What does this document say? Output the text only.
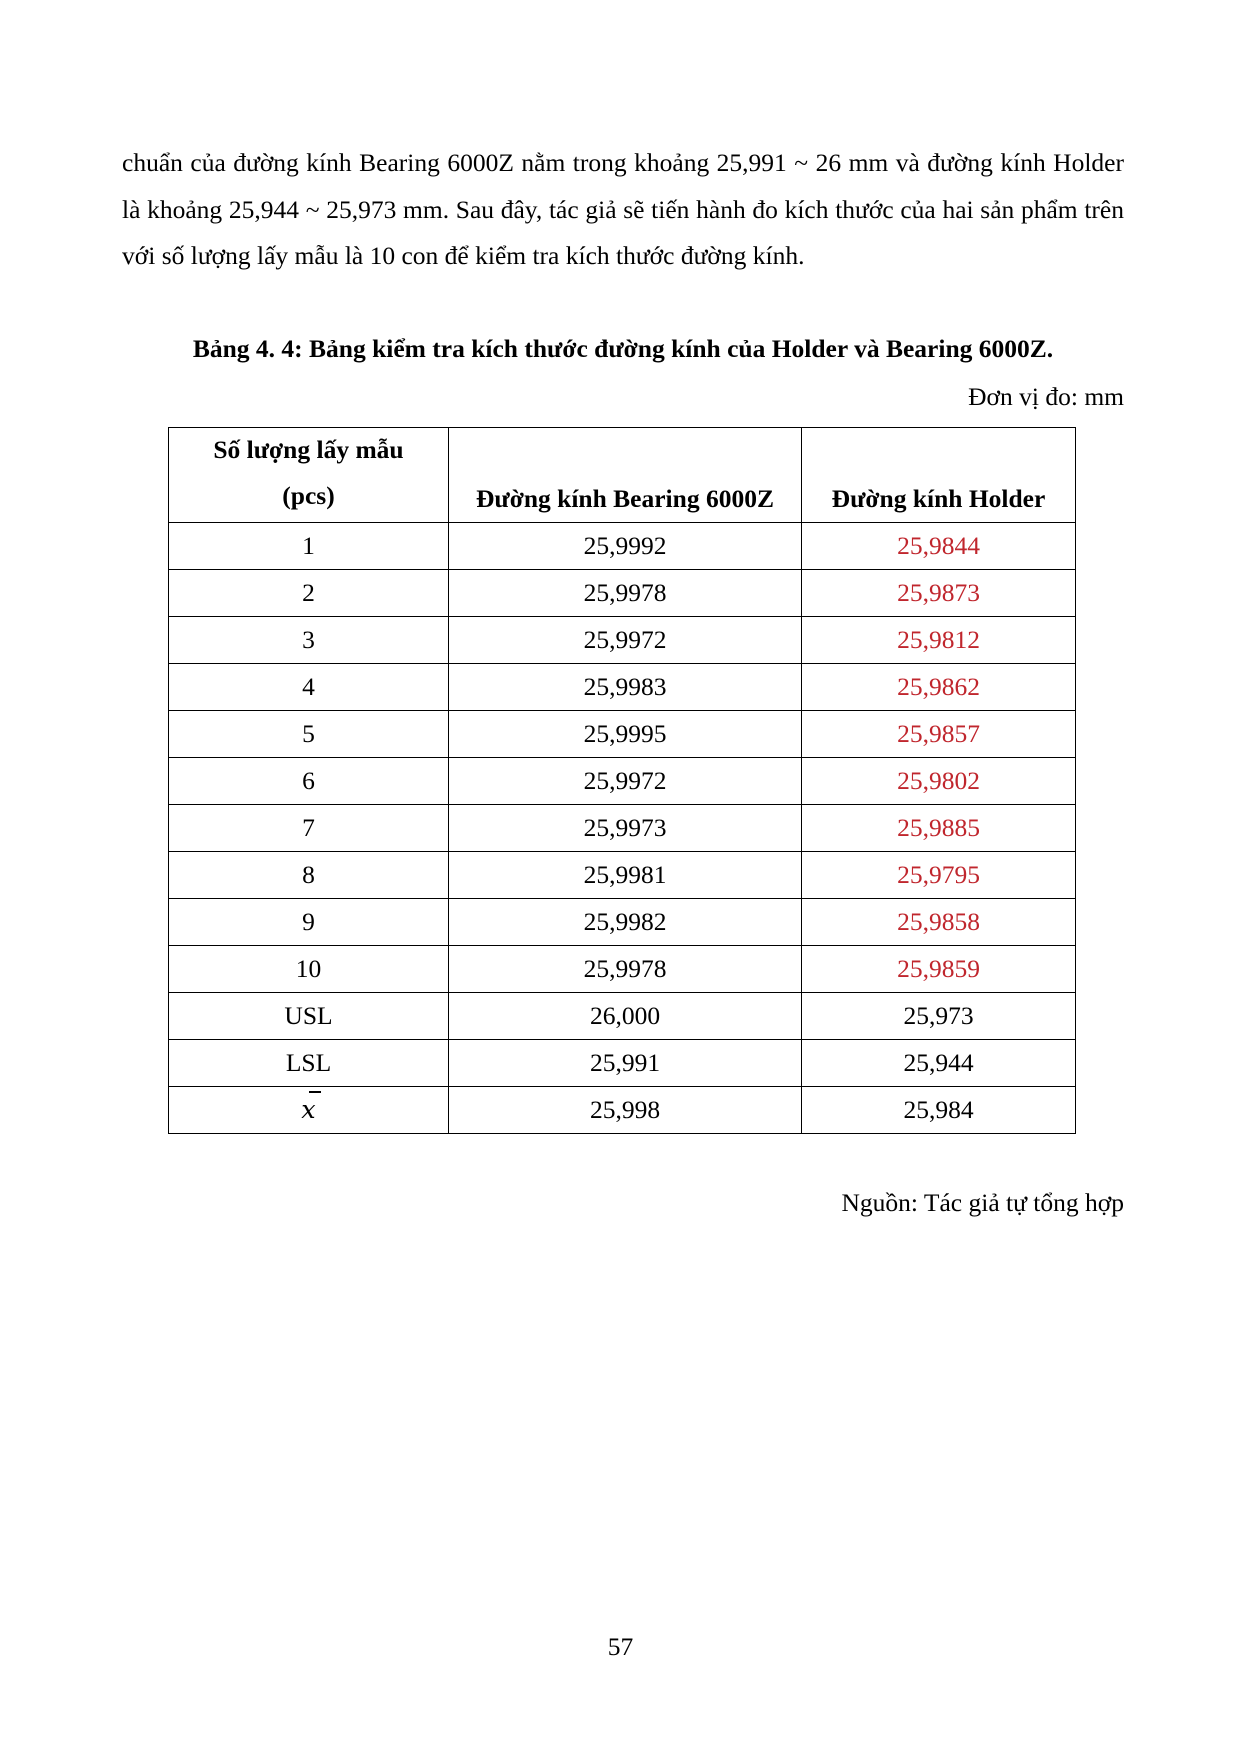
chuẩn của đường kính Bearing 6000Z nằm trong khoảng 25,991 ~ 26 mm và đường kính Holder là khoảng 25,944 ~ 25,973 mm. Sau đây, tác giả sẽ tiến hành đo kích thước của hai sản phẩm trên với số lượng lấy mẫu là 10 con để kiểm tra kích thước đường kính.

Bảng 4. 4: Bảng kiểm tra kích thước đường kính của Holder và Bearing 6000Z.

Đơn vị đo: mm

Số lượng lấy mẫu
(pcs)	Đường kính Bearing 6000Z	Đường kính Holder

1	25,9992	25,9844
2	25,9978	25,9873
3	25,9972	25,9812
4	25,9983	25,9862
5	25,9995	25,9857
6	25,9972	25,9802
7	25,9973	25,9885
8	25,9981	25,9795
9	25,9982	25,9858
10	25,9978	25,9859
USL	26,000	25,973
LSL	25,991	25,944
x	25,998	25,984

Nguồn: Tác giả tự tổng hợp

57
